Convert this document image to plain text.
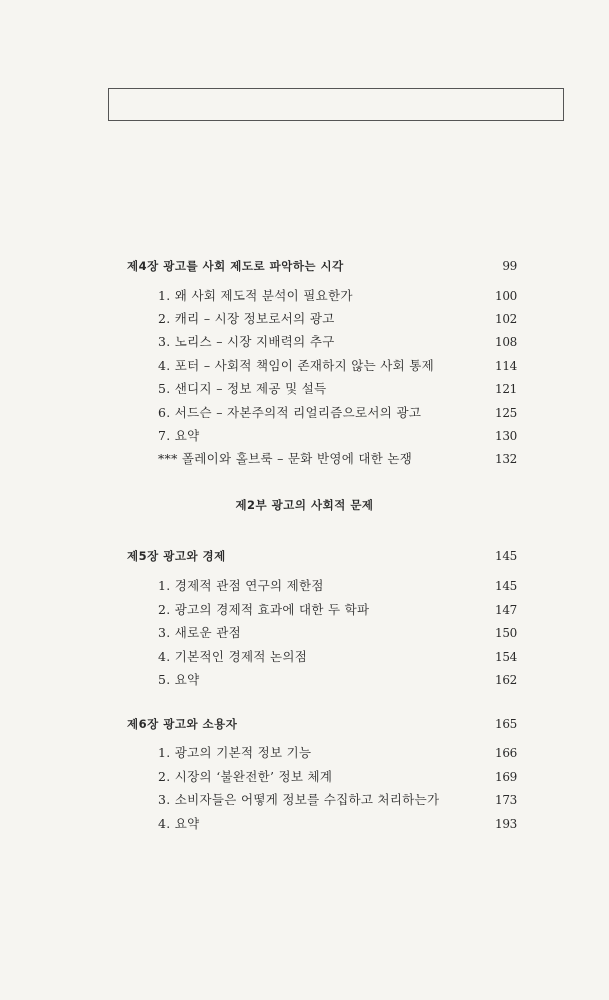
제4장 광고를 사회 제도로 파악하는 시각	99
1. 왜 사회 제도적 분석이 필요한가	100
2. 캐리 – 시장 정보로서의 광고	102
3. 노리스 – 시장 지배력의 추구	108
4. 포터 – 사회적 책임이 존재하지 않는 사회 통제	114
5. 샌디지 – 정보 제공 및 설득	121
6. 서드슨 – 자본주의적 리얼리즘으로서의 광고	125
7. 요약	130
*** 폴레이와 홀브룩 – 문화 반영에 대한 논쟁	132
제2부 광고의 사회적 문제
제5장 광고와 경제	145
1. 경제적 관점 연구의 제한점	145
2. 광고의 경제적 효과에 대한 두 학파	147
3. 새로운 관점	150
4. 기본적인 경제적 논의점	154
5. 요약	162
제6장 광고와 소용자	165
1. 광고의 기본적 정보 기능	166
2. 시장의 ‘불완전한’ 정보 체계	169
3. 소비자들은 어떻게 정보를 수집하고 처리하는가	173
4. 요약	193
